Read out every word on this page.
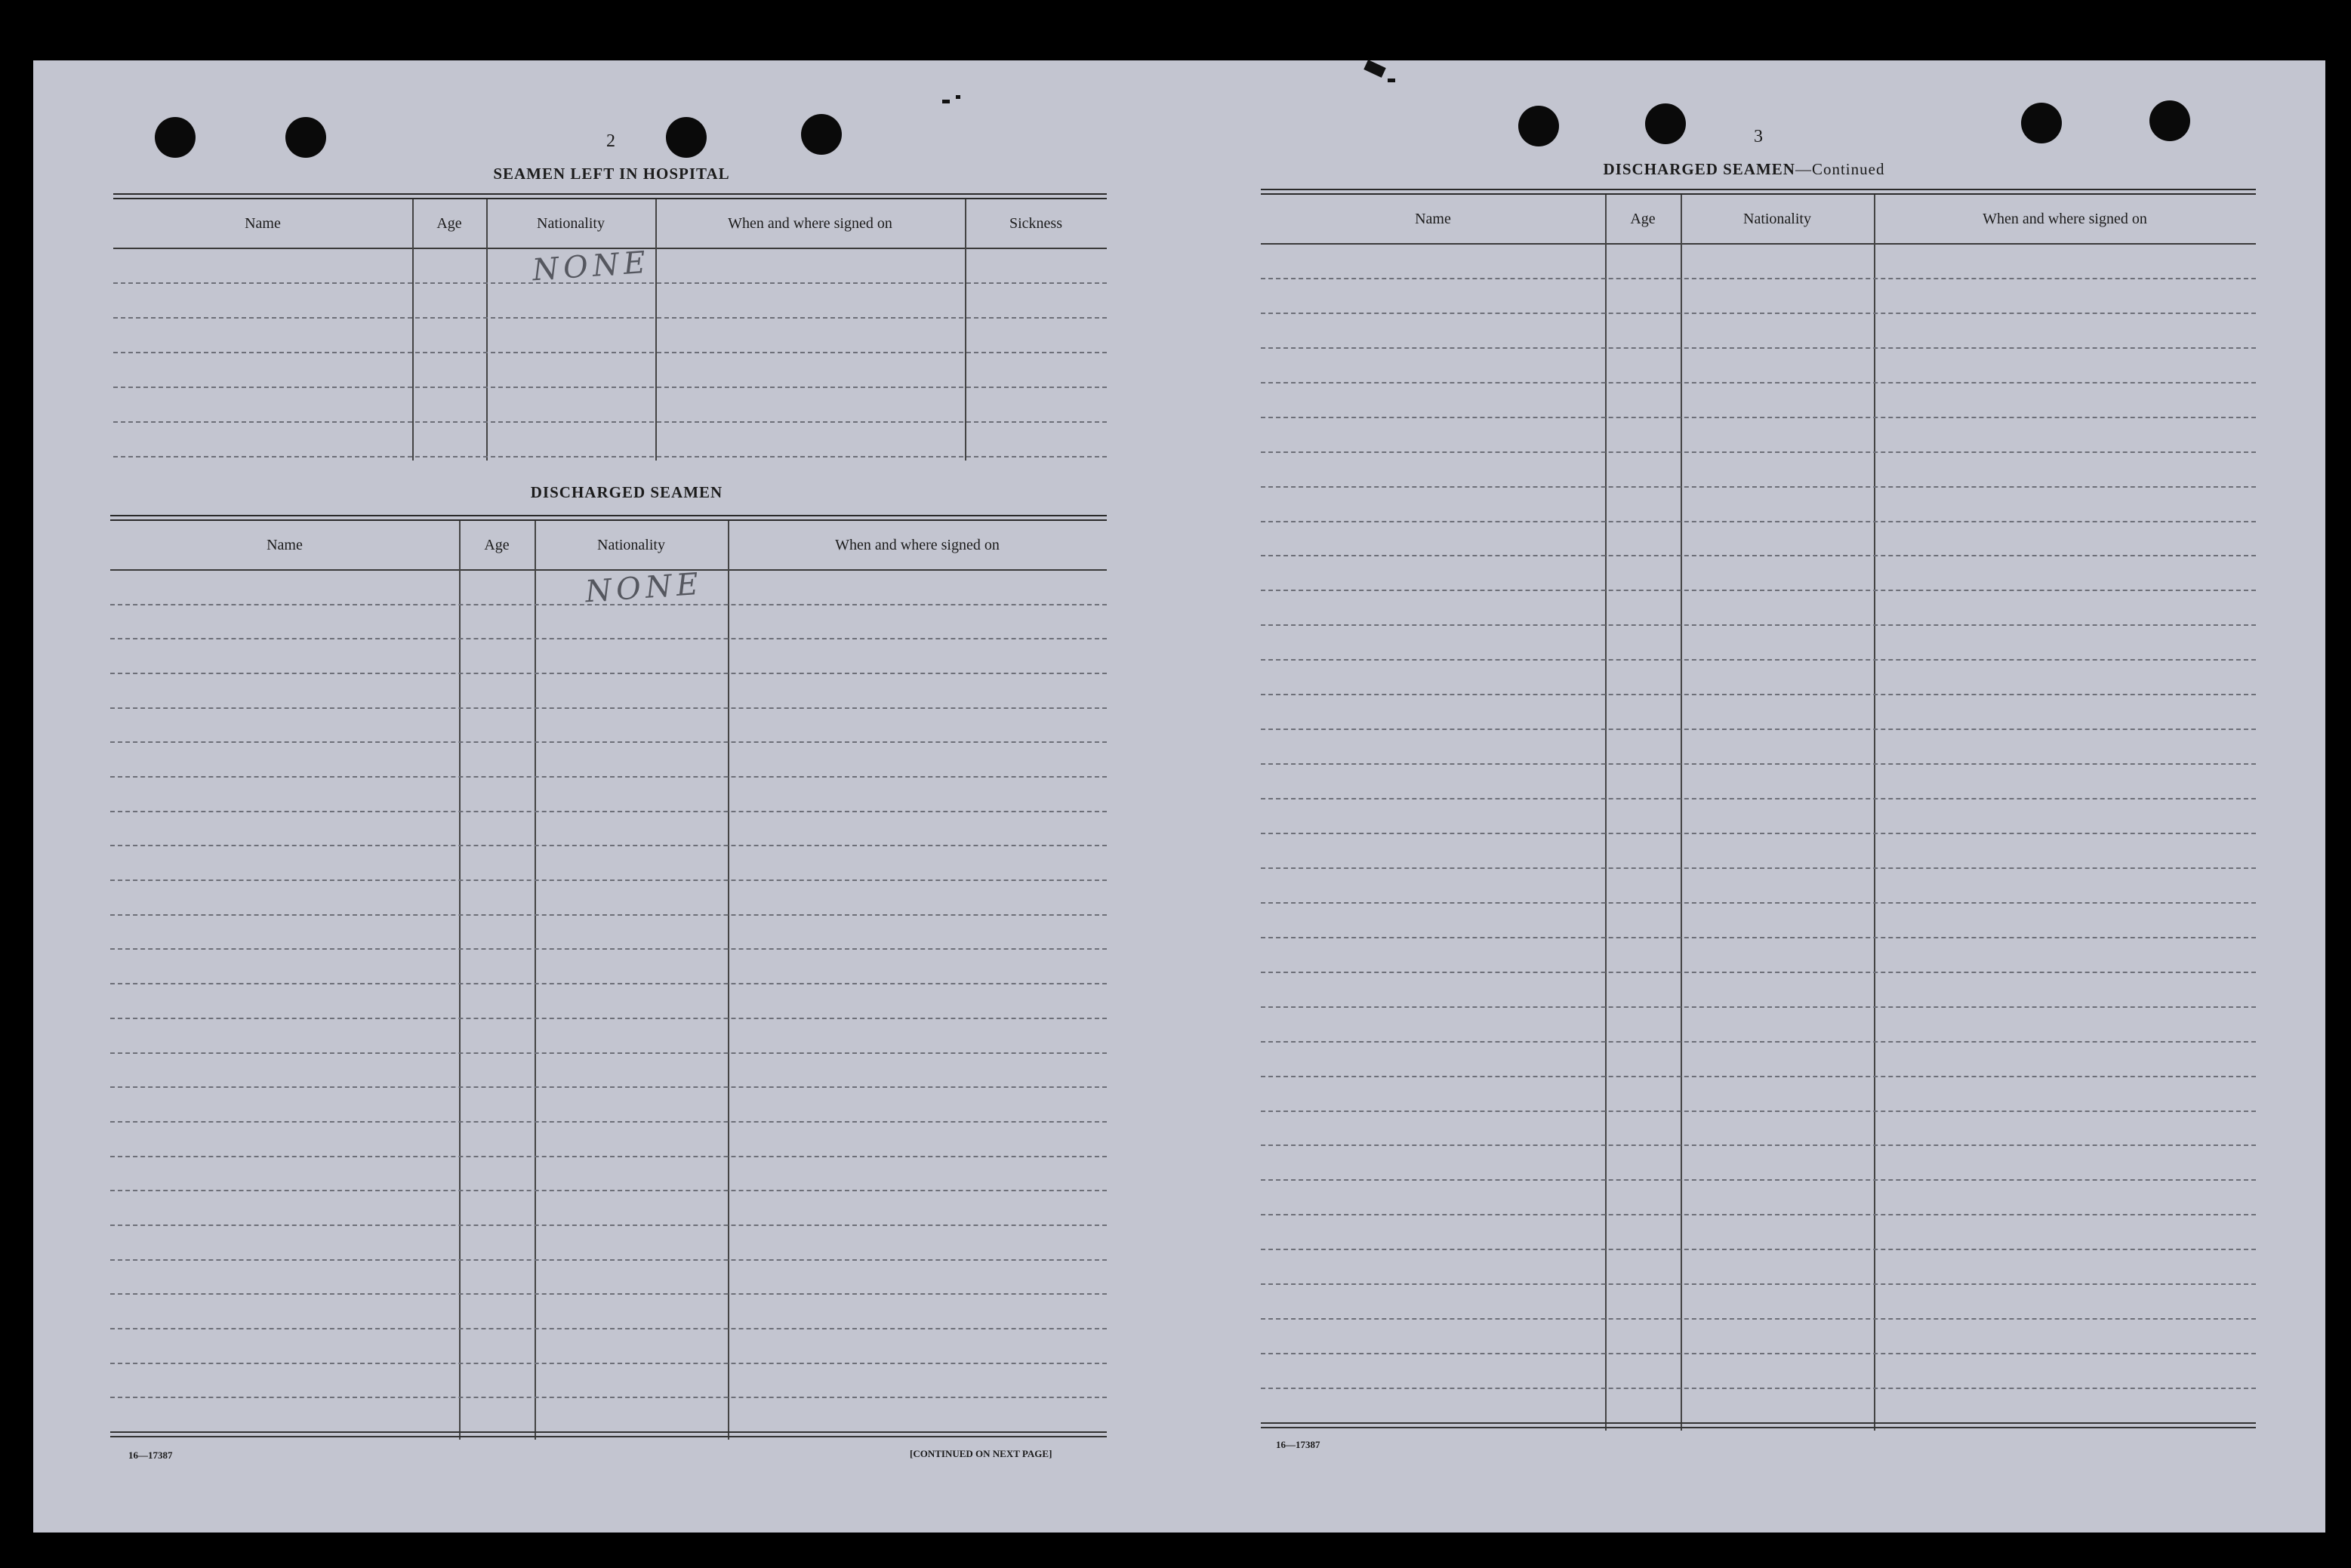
2	3
SEAMEN LEFT IN HOSPITAL
Name	Age	Nationality	When and where signed on	Sickness
NONE
DISCHARGED SEAMEN
Name	Age	Nationality	When and where signed on
NONE
16—17387	[CONTINUED ON NEXT PAGE]
DISCHARGED SEAMEN—Continued
Name	Age	Nationality	When and where signed on
16—17387
